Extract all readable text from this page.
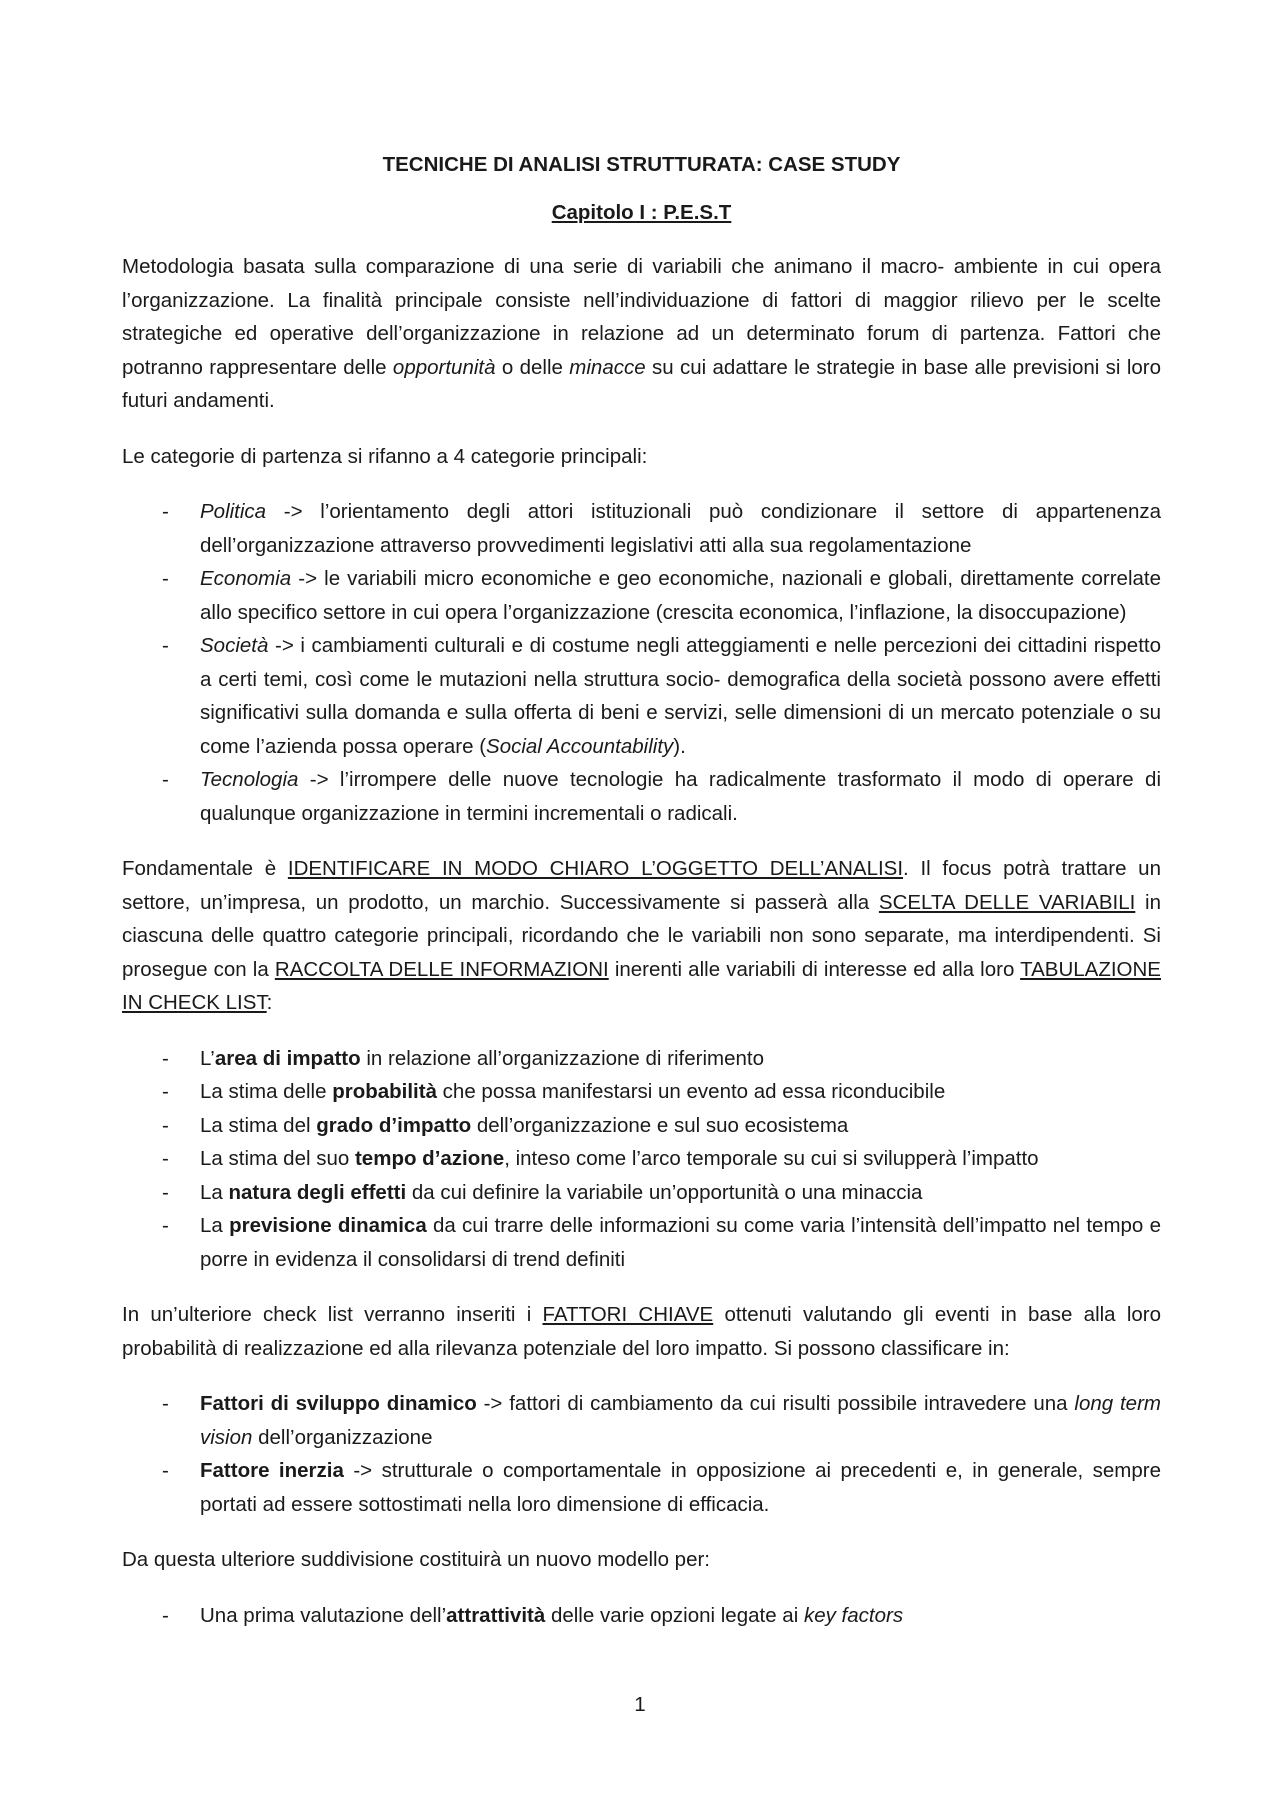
TECNICHE DI ANALISI STRUTTURATA: CASE STUDY
Capitolo I : P.E.S.T

Metodologia basata sulla comparazione di una serie di variabili che animano il macro- ambiente in cui opera l’organizzazione. La finalità principale consiste nell’individuazione di fattori di maggior rilievo per le scelte strategiche ed operative dell’organizzazione in relazione ad un determinato forum di partenza. Fattori che potranno rappresentare delle opportunità o delle minacce su cui adattare le strategie in base alle previsioni si loro futuri andamenti.

Le categorie di partenza si rifanno a 4 categorie principali:

- Politica -> l’orientamento degli attori istituzionali può condizionare il settore di appartenenza dell’organizzazione attraverso provvedimenti legislativi atti alla sua regolamentazione
- Economia -> le variabili micro economiche e geo economiche, nazionali e globali, direttamente correlate allo specifico settore in cui opera l’organizzazione (crescita economica, l’inflazione, la disoccupazione)
- Società -> i cambiamenti culturali e di costume negli atteggiamenti e nelle percezioni dei cittadini rispetto a certi temi, così come le mutazioni nella struttura socio- demografica della società possono avere effetti significativi sulla domanda e sulla offerta di beni e servizi, selle dimensioni di un mercato potenziale o su come l’azienda possa operare (Social Accountability).
- Tecnologia -> l’irrompere delle nuove tecnologie ha radicalmente trasformato il modo di operare di qualunque organizzazione in termini incrementali o radicali.

Fondamentale è IDENTIFICARE IN MODO CHIARO L’OGGETTO DELL’ANALISI. Il focus potrà trattare un settore, un’impresa, un prodotto, un marchio. Successivamente si passerà alla SCELTA DELLE VARIABILI in ciascuna delle quattro categorie principali, ricordando che le variabili non sono separate, ma interdipendenti. Si prosegue con la RACCOLTA DELLE INFORMAZIONI inerenti alle variabili di interesse ed alla loro TABULAZIONE IN CHECK LIST:

- L’area di impatto in relazione all’organizzazione di riferimento
- La stima delle probabilità che possa manifestarsi un evento ad essa riconducibile
- La stima del grado d’impatto dell’organizzazione e sul suo ecosistema
- La stima del suo tempo d’azione, inteso come l’arco temporale su cui si svilupperà l’impatto
- La natura degli effetti da cui definire la variabile un’opportunità o una minaccia
- La previsione dinamica da cui trarre delle informazioni su come varia l’intensità dell’impatto nel tempo e porre in evidenza il consolidarsi di trend definiti

In un’ulteriore check list verranno inseriti i FATTORI CHIAVE ottenuti valutando gli eventi in base alla loro probabilità di realizzazione ed alla rilevanza potenziale del loro impatto. Si possono classificare in:

- Fattori di sviluppo dinamico -> fattori di cambiamento da cui risulti possibile intravedere una long term vision dell’organizzazione
- Fattore inerzia -> strutturale o comportamentale in opposizione ai precedenti e, in generale, sempre portati ad essere sottostimati nella loro dimensione di efficacia.

Da questa ulteriore suddivisione costituirà un nuovo modello per:

- Una prima valutazione dell’attrattività delle varie opzioni legate ai key factors
1
